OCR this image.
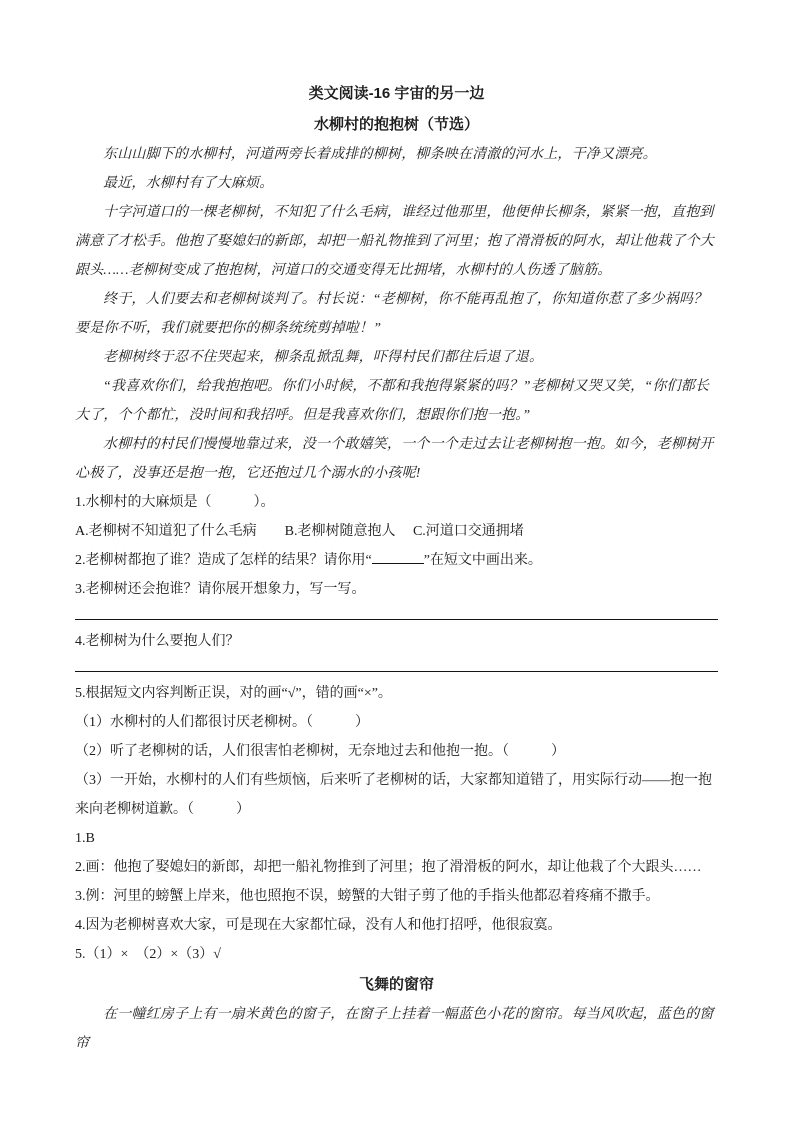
类文阅读-16 宇宙的另一边
水柳村的抱抱树（节选）

东山山脚下的水柳村，河道两旁长着成排的柳树，柳条映在清澈的河水上，干净又漂亮。

最近，水柳村有了大麻烦。

十字河道口的一棵老柳树，不知犯了什么毛病，谁经过他那里，他便伸长柳条，紧紧一抱，直抱到满意了才松手。他抱了娶媳妇的新郎，却把一船礼物推到了河里；抱了滑滑板的阿水，却让他栽了个大跟头……老柳树变成了抱抱树，河道口的交通变得无比拥堵，水柳村的人伤透了脑筋。

终于，人们要去和老柳树谈判了。村长说：“老柳树，你不能再乱抱了，你知道你惹了多少祸吗？要是你不听，我们就要把你的柳条统统剪掉啦！”

老柳树终于忍不住哭起来，柳条乱掀乱舞，吓得村民们都往后退了退。

“我喜欢你们，给我抱抱吧。你们小时候，不都和我抱得紧紧的吗？”老柳树又哭又笑，“你们都长大了，个个都忙，没时间和我招呼。但是我喜欢你们，想跟你们抱一抱。”

水柳村的村民们慢慢地靠过来，没一个敢嬉笑，一个一个走过去让老柳树抱一抱。如今，老柳树开心极了，没事还是抱一抱，它还抱过几个溺水的小孩呢!

1.水柳村的大麻烦是（　　　）。

A.老柳树不知道犯了什么毛病　　B.老柳树随意抱人　 C.河道口交通拥堵

2.老柳树都抱了谁？造成了怎样的结果？请你用“	”在短文中画出来。

3.老柳树还会抱谁？请你展开想象力，写一写。

4.老柳树为什么要抱人们？

5.根据短文内容判断正误，对的画“√”，错的画“×”。

（1）水柳村的人们都很讨厌老柳树。（　　　）

（2）听了老柳树的话，人们很害怕老柳树，无奈地过去和他抱一抱。（　　　）

（3）一开始，水柳村的人们有些烦恼，后来听了老柳树的话，大家都知道错了，用实际行动——抱一抱来向老柳树道歉。（　　　）

1.B

2.画：他抱了娶媳妇的新郎，却把一船礼物推到了河里；抱了滑滑板的阿水，却让他栽了个大跟头……

3.例：河里的螃蟹上岸来，他也照抱不误，螃蟹的大钳子剪了他的手指头他都忍着疼痛不撒手。

4.因为老柳树喜欢大家，可是现在大家都忙碌，没有人和他打招呼，他很寂寞。

5.（1）×　（2）×（3）√

飞舞的窗帘

在一幢红房子上有一扇米黄色的窗子，在窗子上挂着一幅蓝色小花的窗帘。每当风吹起，蓝色的窗帘
